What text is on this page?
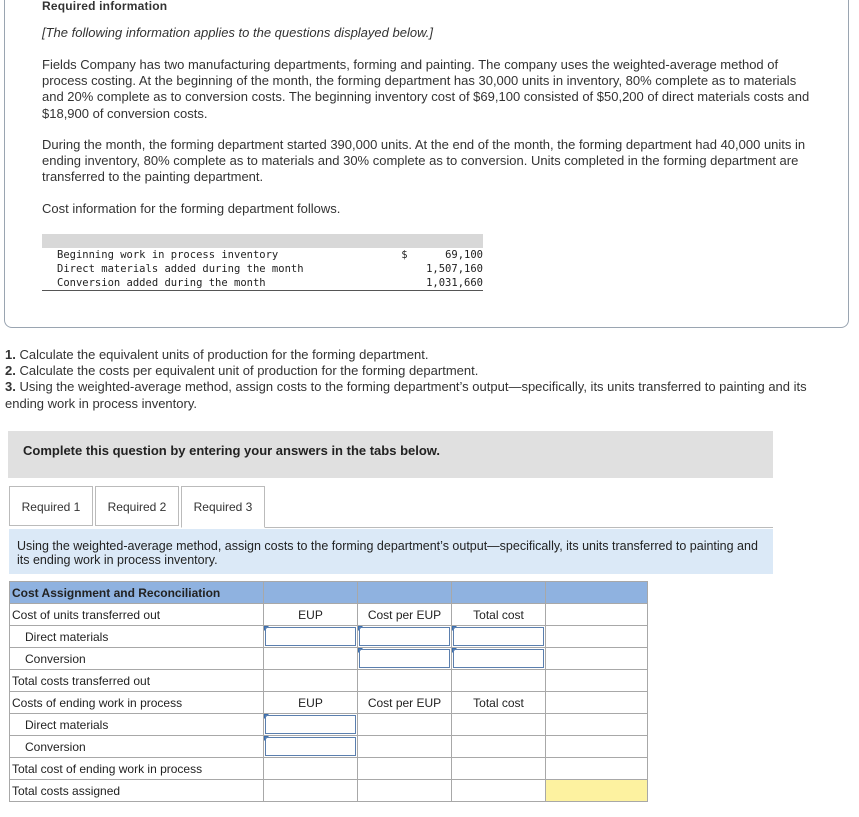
Required information
[The following information applies to the questions displayed below.]
Fields Company has two manufacturing departments, forming and painting. The company uses the weighted-average method of process costing. At the beginning of the month, the forming department has 30,000 units in inventory, 80% complete as to materials and 20% complete as to conversion costs. The beginning inventory cost of $69,100 consisted of $50,200 of direct materials costs and $18,900 of conversion costs.
During the month, the forming department started 390,000 units. At the end of the month, the forming department had 40,000 units in ending inventory, 80% complete as to materials and 30% complete as to conversion. Units completed in the forming department are transferred to the painting department.
Cost information for the forming department follows.
Beginning work in process inventory	$	69,100
Direct materials added during the month	1,507,160
Conversion added during the month	1,031,660
1. Calculate the equivalent units of production for the forming department.
2. Calculate the costs per equivalent unit of production for the forming department.
3. Using the weighted-average method, assign costs to the forming department’s output—specifically, its units transferred to painting and its ending work in process inventory.
Complete this question by entering your answers in the tabs below.
Required 1	Required 2	Required 3
Using the weighted-average method, assign costs to the forming department’s output—specifically, its units transferred to painting and its ending work in process inventory.
Cost Assignment and Reconciliation				
Cost of units transferred out	EUP	Cost per EUP	Total cost	
Direct materials	

Conversion		

Total costs transferred out				
Costs of ending work in process	EUP	Cost per EUP	Total cost	
Direct materials	

Conversion	

Total cost of ending work in process				
Total costs assigned				
